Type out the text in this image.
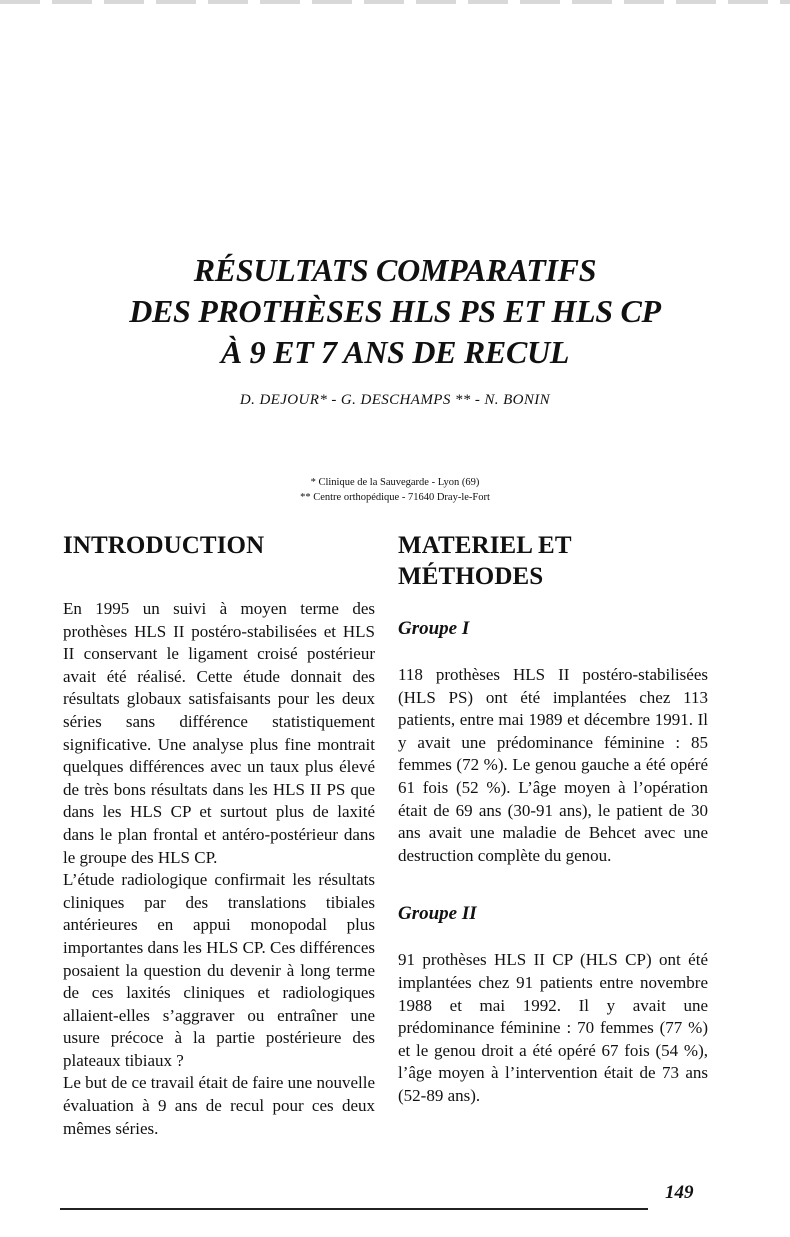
RÉSULTATS COMPARATIFS
DES PROTHÈSES HLS PS ET HLS CP
À 9 ET 7 ANS DE RECUL
D. DEJOUR* - G. DESCHAMPS ** - N. BONIN
* Clinique de la Sauvegarde - Lyon (69)
** Centre orthopédique - 71640 Dray-le-Fort
INTRODUCTION

En 1995 un suivi à moyen terme des prothèses HLS II postéro-stabilisées et HLS II conservant le ligament croisé postérieur avait été réalisé. Cette étude donnait des résultats globaux satisfaisants pour les deux séries sans différence statistiquement significative. Une analyse plus fine montrait quelques différences avec un taux plus élevé de très bons résultats dans les HLS II PS que dans les HLS CP et surtout plus de laxité dans le plan frontal et antéro-postérieur dans le groupe des HLS CP.

L’étude radiologique confirmait les résultats cliniques par des translations tibiales antérieures en appui monopodal plus importantes dans les HLS CP. Ces différences posaient la question du devenir à long terme de ces laxités cliniques et radiologiques allaient-elles s’aggraver ou entraîner une usure précoce à la partie postérieure des plateaux tibiaux ?

Le but de ce travail était de faire une nouvelle évaluation à 9 ans de recul pour ces deux mêmes séries.

MATERIEL ET
MÉTHODES
Groupe I

118 prothèses HLS II postéro-stabilisées (HLS PS) ont été implantées chez 113 patients, entre mai 1989 et décembre 1991. Il y avait une prédominance féminine : 85 femmes (72 %). Le genou gauche a été opéré 61 fois (52 %). L’âge moyen à l’opération était de 69 ans (30-91 ans), le patient de 30 ans avait une maladie de Behcet avec une destruction complète du genou.

Groupe II

91 prothèses HLS II CP (HLS CP) ont été implantées chez 91 patients entre novembre 1988 et mai 1992. Il y avait une prédominance féminine : 70 femmes (77 %) et le genou droit a été opéré 67 fois (54 %), l’âge moyen à l’intervention était de 73 ans (52-89 ans).

149
